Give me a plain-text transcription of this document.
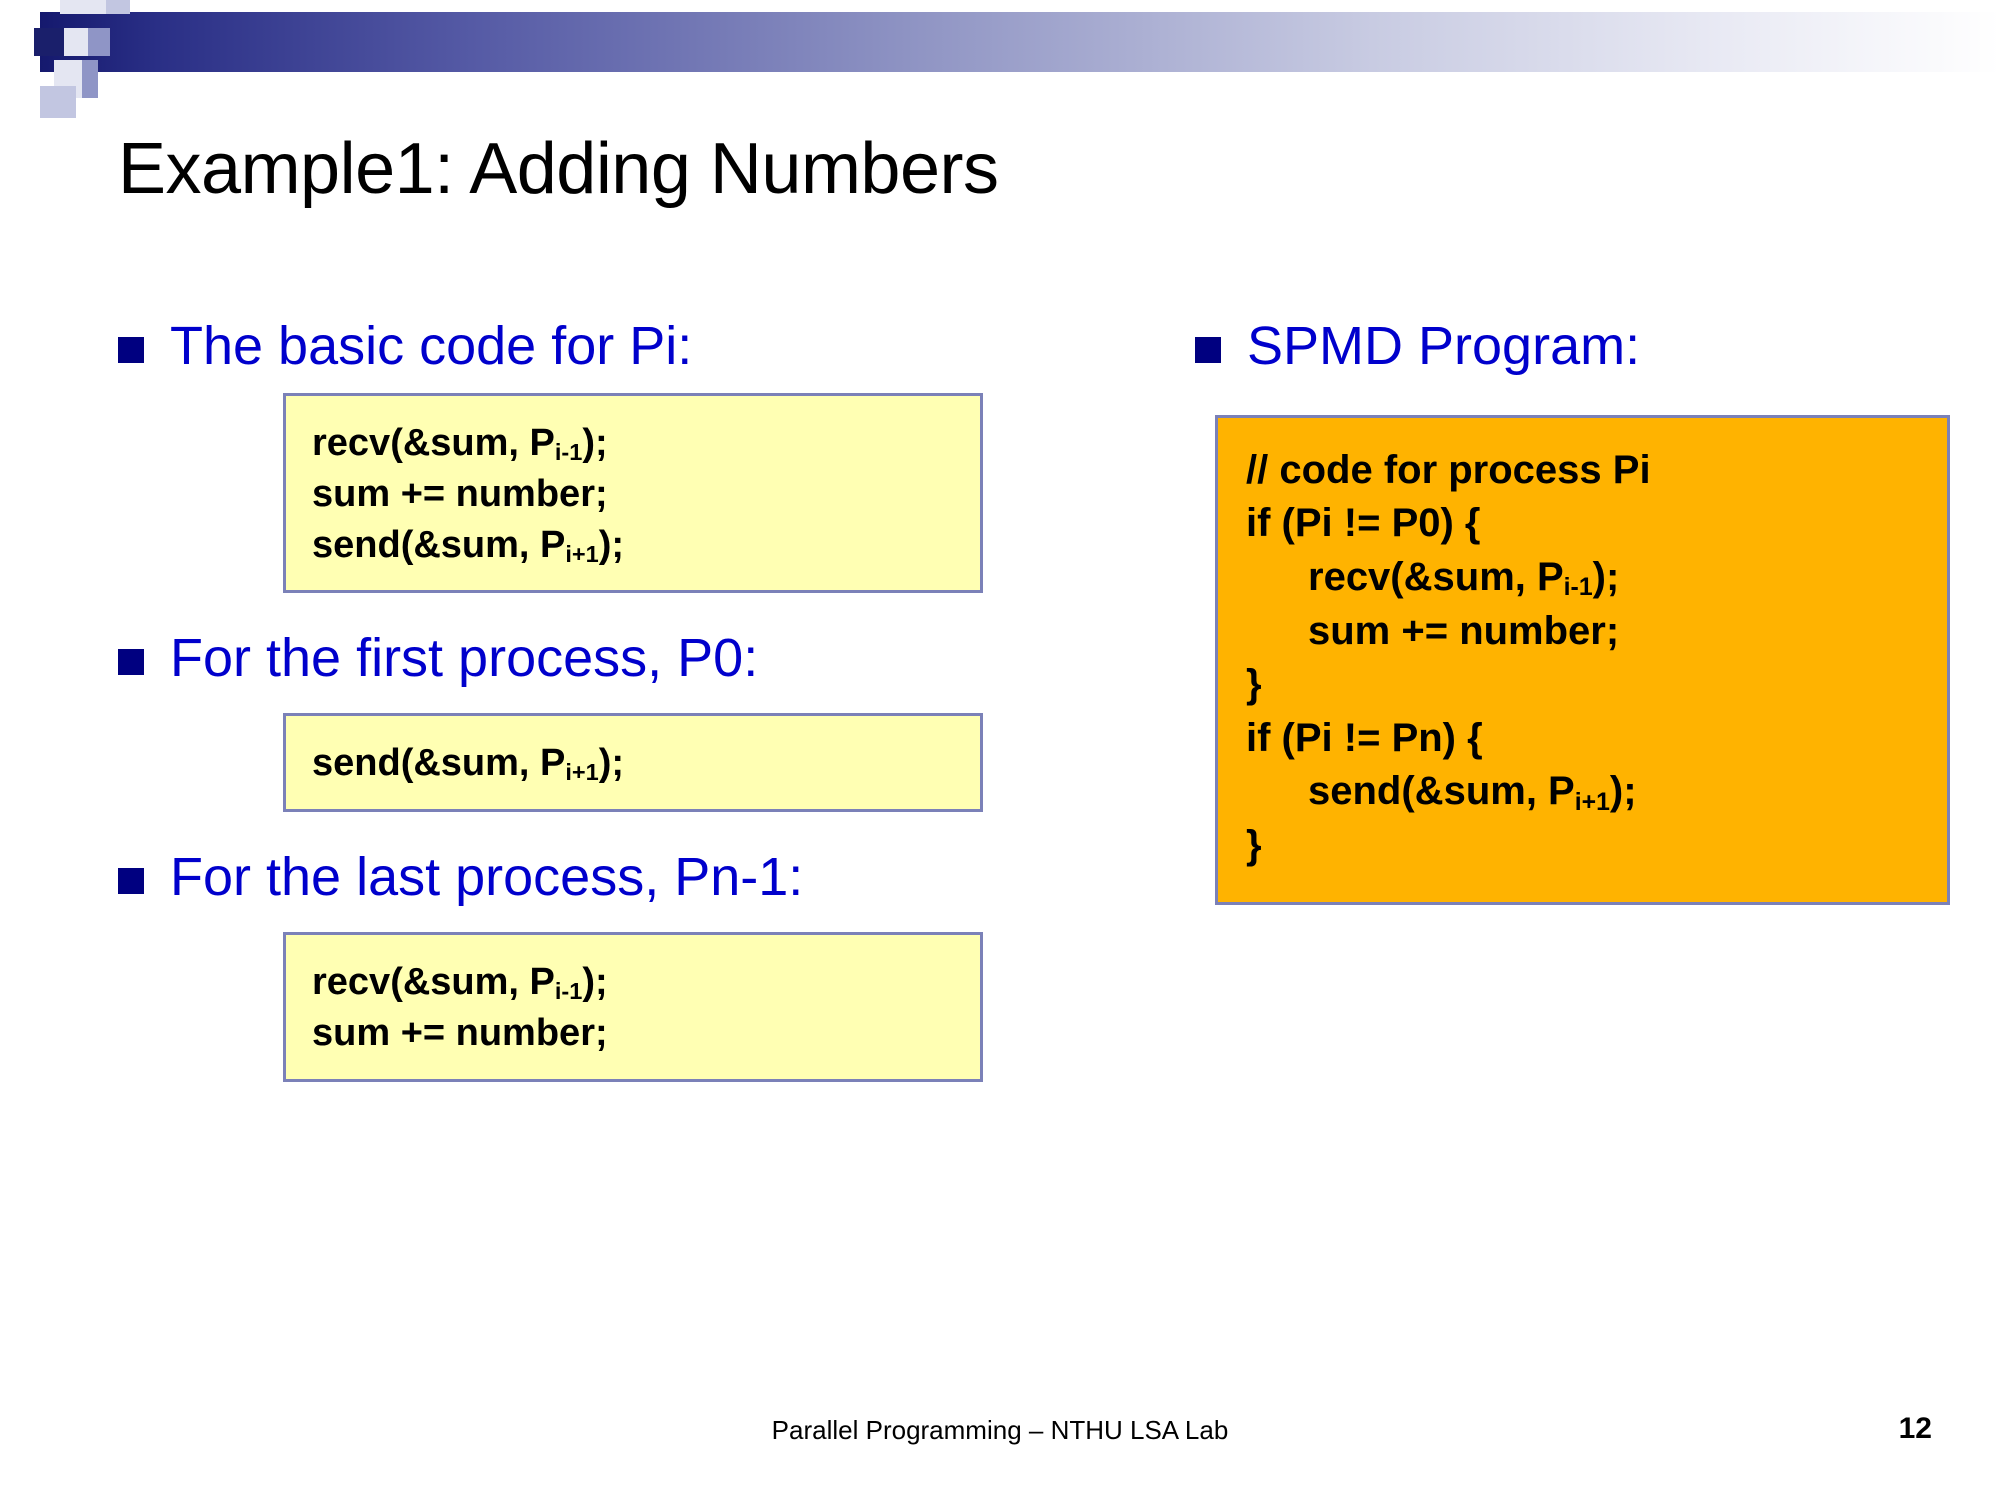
Example1: Adding Numbers
The basic code for Pi:
recv(&sum, $P_{i-1}$);
sum += number;
send(&sum, $P_{i+1}$);
For the first process, P0:
send(&sum, $P_{i+1}$);
For the last process, Pn-1:
recv(&sum, $P_{i-1}$);
sum += number;
SPMD Program:
// code for process Pi
if (Pi != P0) {
recv(&sum, $P_{i-1}$);
sum += number;
}
if (Pi != Pn) {
send(&sum, $P_{i+1}$);
}
Parallel Programming – NTHU LSA Lab	12
